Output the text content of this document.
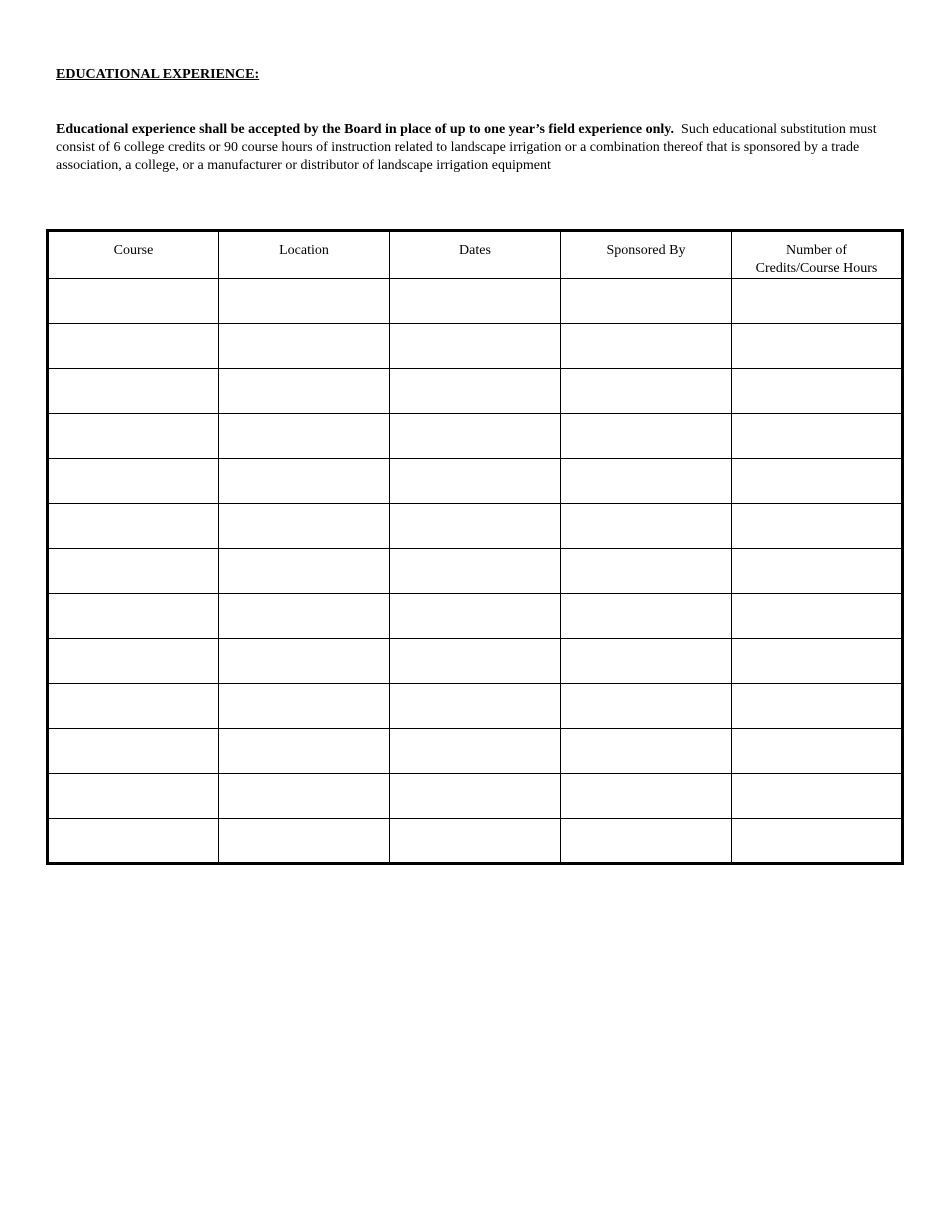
EDUCATIONAL EXPERIENCE:
Educational experience shall be accepted by the Board in place of up to one year’s field experience only. Such educational substitution must consist of 6 college credits or 90 course hours of instruction related to landscape irrigation or a combination thereof that is sponsored by a trade association, a college, or a manufacturer or distributor of landscape irrigation equipment
Course	Location	Dates	Sponsored By	Number of
Credits/Course Hours
